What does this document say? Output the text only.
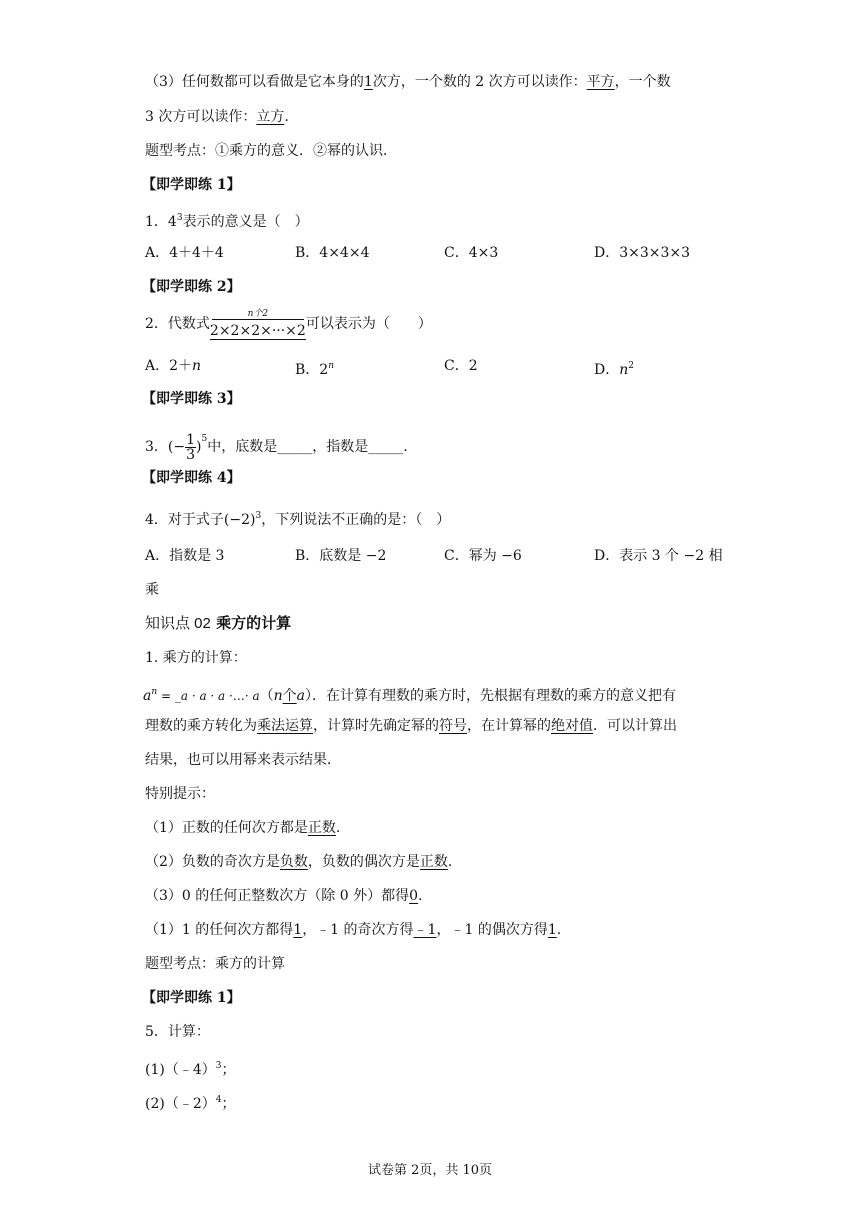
（3）任何数都可以看做是它本身的1次方，一个数的 2 次方可以读作：平方，一个数
3 次方可以读作：立方.
题型考点：①乘方的意义．②幂的认识．
【即学即练 1】
1．$4^3$表示的意义是（　）
A．4＋4＋4	B．4×4×4	C．4×3	D．3×3×3×3
【即学即练 2】
2．代数式
n个2
2×2×2×···×2 可以表示为（　　）
A．2＋n	B．2$^n$	C．2	D．$n^2$
【即学即练 3】
3．(− $\frac{1}{3} )^5$中，底数是_____，指数是_____.
【即学即练 4】
4．对于式子$(-2)^3$，下列说法不正确的是：（　）
A．指数是 3	B．底数是 −2	C．幂为 −6	D．表示 3 个 −2 相
乘
知识点 02 乘方的计算
1. 乘方的计算：
$a^n$ = _a · a · a ·…· a（n个a）．在计算有理数的乘方时，先根据有理数的乘方的意义把有
理数的乘方转化为乘法运算，计算时先确定幂的符号，在计算幂的绝对值．可以计算出
结果，也可以用幂来表示结果．
特别提示：
（1）正数的任何次方都是正数.
（2）负数的奇次方是负数，负数的偶次方是正数.
（3）0 的任何正整数次方（除 0 外）都得0.
（1）1 的任何次方都得1，﹣1 的奇次方得﹣1，﹣1 的偶次方得1.
题型考点：乘方的计算
【即学即练 1】
5．计算：
(1)（﹣4）$^3$；
(2)（﹣2）$^4$；
试卷第 2页，共 10页
